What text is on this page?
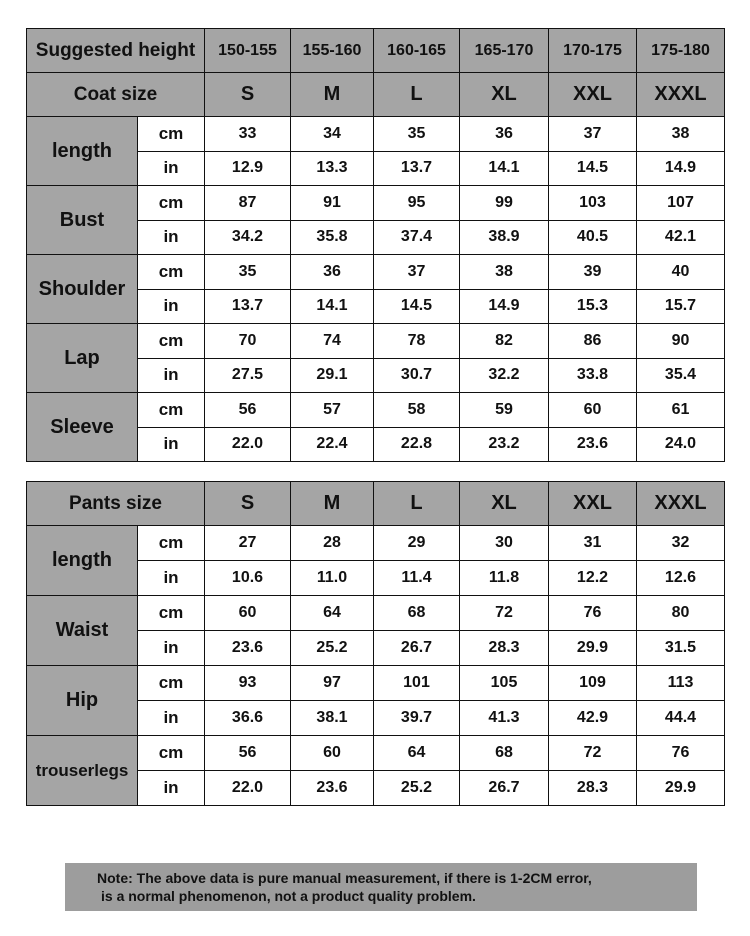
Suggested height		150-155	155-160	160-165	165-170	170-175	175-180
Coat size		S	M	L	XL	XXL	XXXL
length	cm	33	34	35	36	37	38
	in	12.9	13.3	13.7	14.1	14.5	14.9
Bust	cm	87	91	95	99	103	107
	in	34.2	35.8	37.4	38.9	40.5	42.1
Shoulder	cm	35	36	37	38	39	40
	in	13.7	14.1	14.5	14.9	15.3	15.7
Lap	cm	70	74	78	82	86	90
	in	27.5	29.1	30.7	32.2	33.8	35.4
Sleeve	cm	56	57	58	59	60	61
	in	22.0	22.4	22.8	23.2	23.6	24.0
Pants size		S	M	L	XL	XXL	XXXL
length	cm	27	28	29	30	31	32
	in	10.6	11.0	11.4	11.8	12.2	12.6
Waist	cm	60	64	68	72	76	80
	in	23.6	25.2	26.7	28.3	29.9	31.5
Hip	cm	93	97	101	105	109	113
	in	36.6	38.1	39.7	41.3	42.9	44.4
trouserlegs	cm	56	60	64	68	72	76
	in	22.0	23.6	25.2	26.7	28.3	29.9
Note: The above data is pure manual measurement, if there is 1-2CM error,
is a normal phenomenon, not a product quality problem.
